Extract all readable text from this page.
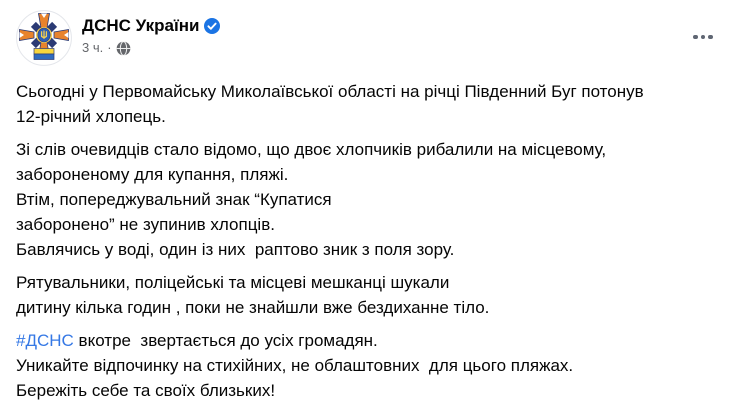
ДСНС України
3 ч. ·
Сьогодні у Первомайську Миколаївської області на річці Південний Буг потонув
12-річний хлопець.
Зі слів очевидців стало відомо, що двоє хлопчиків рибалили на місцевому,
забороненому для купання, пляжі.
Втім, попереджувальний знак “Купатися
заборонено” не зупинив хлопців.
Бавлячись у воді, один із них  раптово зник з поля зору.
Рятувальники, поліцейські та місцеві мешканці шукали
дитину кілька годин , поки не знайшли вже бездиханне тіло.
#ДСНС вкотре  звертається до усіх громадян.
Уникайте відпочинку на стихійних, не облаштовних  для цього пляжах.
Бережіть себе та своїх близьких!
